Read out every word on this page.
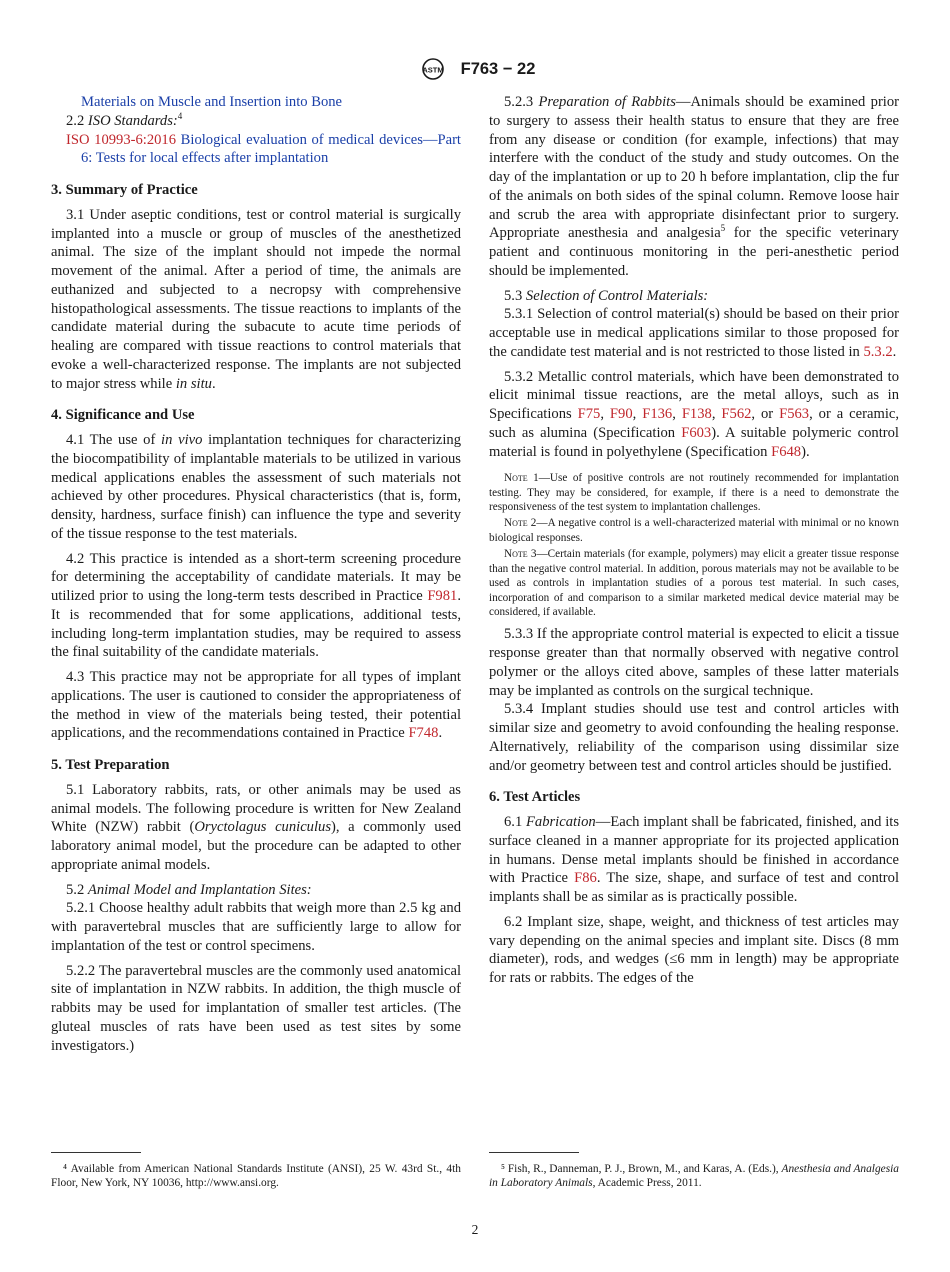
ASTM F763 − 22

Materials on Muscle and Insertion into Bone

2.2 ISO Standards:$^4$

ISO 10993-6:2016 Biological evaluation of medical devices—Part 6: Tests for local effects after implantation

3. Summary of Practice

3.1 Under aseptic conditions, test or control material is surgically implanted into a muscle or group of muscles of the anesthetized animal. The size of the implant should not impede the normal movement of the animal. After a period of time, the animals are euthanized and subjected to a necropsy with comprehensive histopathological assessments. The tissue reactions to implants of the candidate material during the subacute to acute time periods of healing are compared with tissue reactions to control materials that evoke a well-characterized response. The implants are not subjected to major stress while in situ.

4. Significance and Use

4.1 The use of in vivo implantation techniques for characterizing the biocompatibility of implantable materials to be utilized in various medical applications enables the assessment of such materials not achieved by other procedures. Physical characteristics (that is, form, density, hardness, surface finish) can influence the type and severity of the tissue response to the test materials.

4.2 This practice is intended as a short-term screening procedure for determining the acceptability of candidate materials. It may be utilized prior to using the long-term tests described in Practice F981. It is recommended that for some applications, additional tests, including long-term implantation studies, may be required to assess the final suitability of the candidate materials.

4.3 This practice may not be appropriate for all types of implant applications. The user is cautioned to consider the appropriateness of the method in view of the materials being tested, their potential applications, and the recommendations contained in Practice F748.

5. Test Preparation

5.1 Laboratory rabbits, rats, or other animals may be used as animal models. The following procedure is written for New Zealand White (NZW) rabbit (Oryctolagus cuniculus), a commonly used laboratory animal model, but the procedure can be adapted to other appropriate animal models.

5.2 Animal Model and Implantation Sites:

5.2.1 Choose healthy adult rabbits that weigh more than 2.5 kg and with paravertebral muscles that are sufficiently large to allow for implantation of the test or control specimens.

5.2.2 The paravertebral muscles are the commonly used anatomical site of implantation in NZW rabbits. In addition, the thigh muscle of rabbits may be used for implantation of smaller test articles. (The gluteal muscles of rats have been used as test sites by some investigators.)

5.2.3 Preparation of Rabbits—Animals should be examined prior to surgery to assess their health status to ensure that they are free from any disease or condition (for example, infections) that may interfere with the conduct of the study and study outcomes. On the day of the implantation or up to 20 h before implantation, clip the fur of the animals on both sides of the spinal column. Remove loose hair and scrub the area with appropriate disinfectant prior to surgery. Appropriate anesthesia and analgesia$^5$ for the specific veterinary patient and continuous monitoring in the peri-anesthetic period should be implemented.

5.3 Selection of Control Materials:

5.3.1 Selection of control material(s) should be based on their prior acceptable use in medical applications similar to those proposed for the candidate test material and is not restricted to those listed in 5.3.2.

5.3.2 Metallic control materials, which have been demonstrated to elicit minimal tissue reactions, are the metal alloys, such as in Specifications F75, F90, F136, F138, F562, or F563, or a ceramic, such as alumina (Specification F603). A suitable polymeric control material is found in polyethylene (Specification F648).

Note 1—Use of positive controls are not routinely recommended for implantation testing. They may be considered, for example, if there is a need to demonstrate the responsiveness of the test system to implantation challenges.

Note 2—A negative control is a well-characterized material with minimal or no known biological responses.

Note 3—Certain materials (for example, polymers) may elicit a greater tissue response than the negative control material. In addition, porous materials may not be available to be used as controls in implantation studies of a porous test material. In such cases, incorporation of and comparison to a similar marketed medical device material may be considered, if available.

5.3.3 If the appropriate control material is expected to elicit a tissue response greater than that normally observed with negative control polymer or the alloys cited above, samples of these latter materials may be implanted as controls on the surgical technique.

5.3.4 Implant studies should use test and control articles with similar size and geometry to avoid confounding the healing response. Alternatively, reliability of the comparison using dissimilar size and/or geometry between test and control articles should be justified.

6. Test Articles

6.1 Fabrication—Each implant shall be fabricated, finished, and its surface cleaned in a manner appropriate for its projected application in humans. Dense metal implants should be finished in accordance with Practice F86. The size, shape, and surface of test and control implants shall be as similar as is practically possible.

6.2 Implant size, shape, weight, and thickness of test articles may vary depending on the animal species and implant site. Discs (8 mm diameter), rods, and wedges (≤6 mm in length) may be appropriate for rats or rabbits. The edges of the

⁴ Available from American National Standards Institute (ANSI), 25 W. 43rd St., 4th Floor, New York, NY 10036, http://www.ansi.org.
⁵ Fish, R., Danneman, P. J., Brown, M., and Karas, A. (Eds.), Anesthesia and Analgesia in Laboratory Animals, Academic Press, 2011.
2
